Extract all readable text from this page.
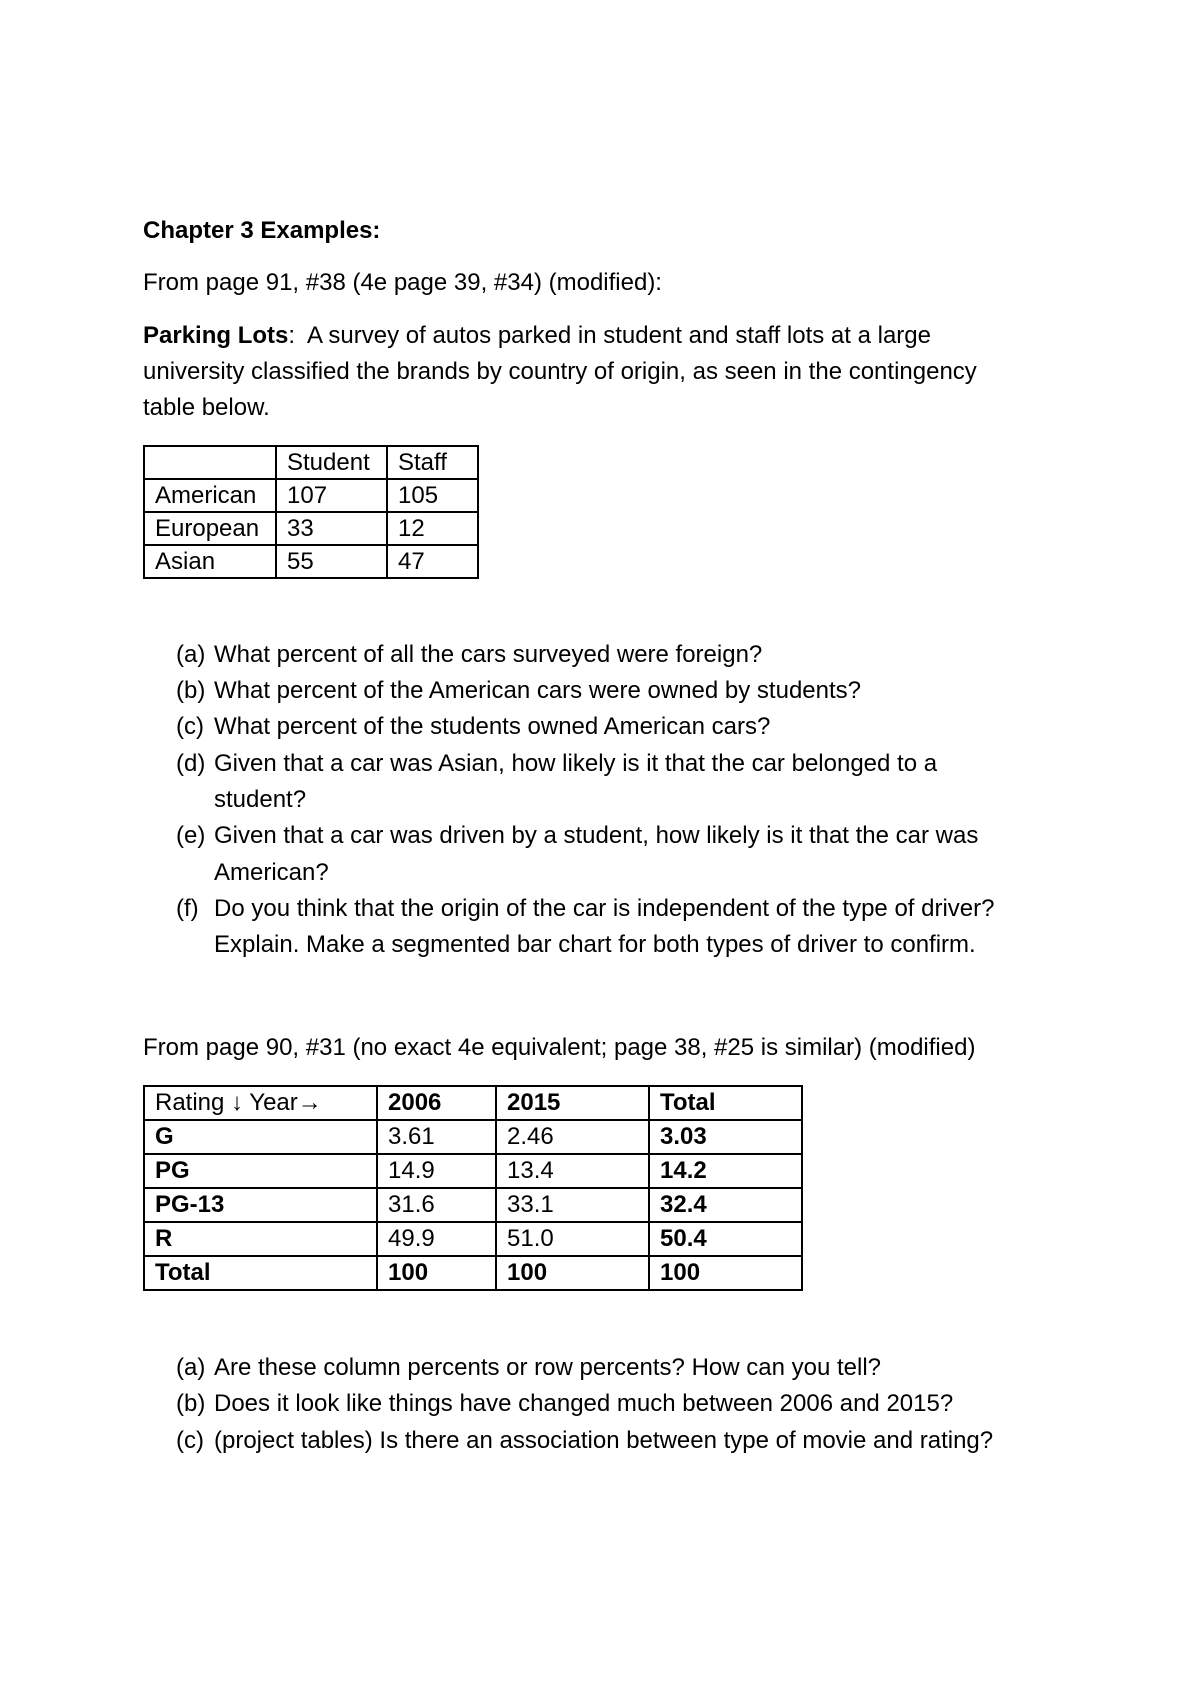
Chapter 3 Examples:
From page 91, #38 (4e page 39, #34) (modified):
Parking Lots: A survey of autos parked in student and staff lots at a large
university classified the brands by country of origin, as seen in the contingency
table below.
	Student	Staff
American	107	105
European	33	12
Asian	55	47
(a) What percent of all the cars surveyed were foreign?
(b) What percent of the American cars were owned by students?
(c) What percent of the students owned American cars?
(d) Given that a car was Asian, how likely is it that the car belonged to a
student?
(e) Given that a car was driven by a student, how likely is it that the car was
American?
(f) Do you think that the origin of the car is independent of the type of driver?
Explain. Make a segmented bar chart for both types of driver to confirm.
From page 90, #31 (no exact 4e equivalent; page 38, #25 is similar) (modified)
Rating ↓ Year→	2006	2015	Total
G	3.61	2.46	3.03
PG	14.9	13.4	14.2
PG-13	31.6	33.1	32.4
R	49.9	51.0	50.4
Total	100	100	100
(a) Are these column percents or row percents? How can you tell?
(b) Does it look like things have changed much between 2006 and 2015?
(c) (project tables) Is there an association between type of movie and rating?
